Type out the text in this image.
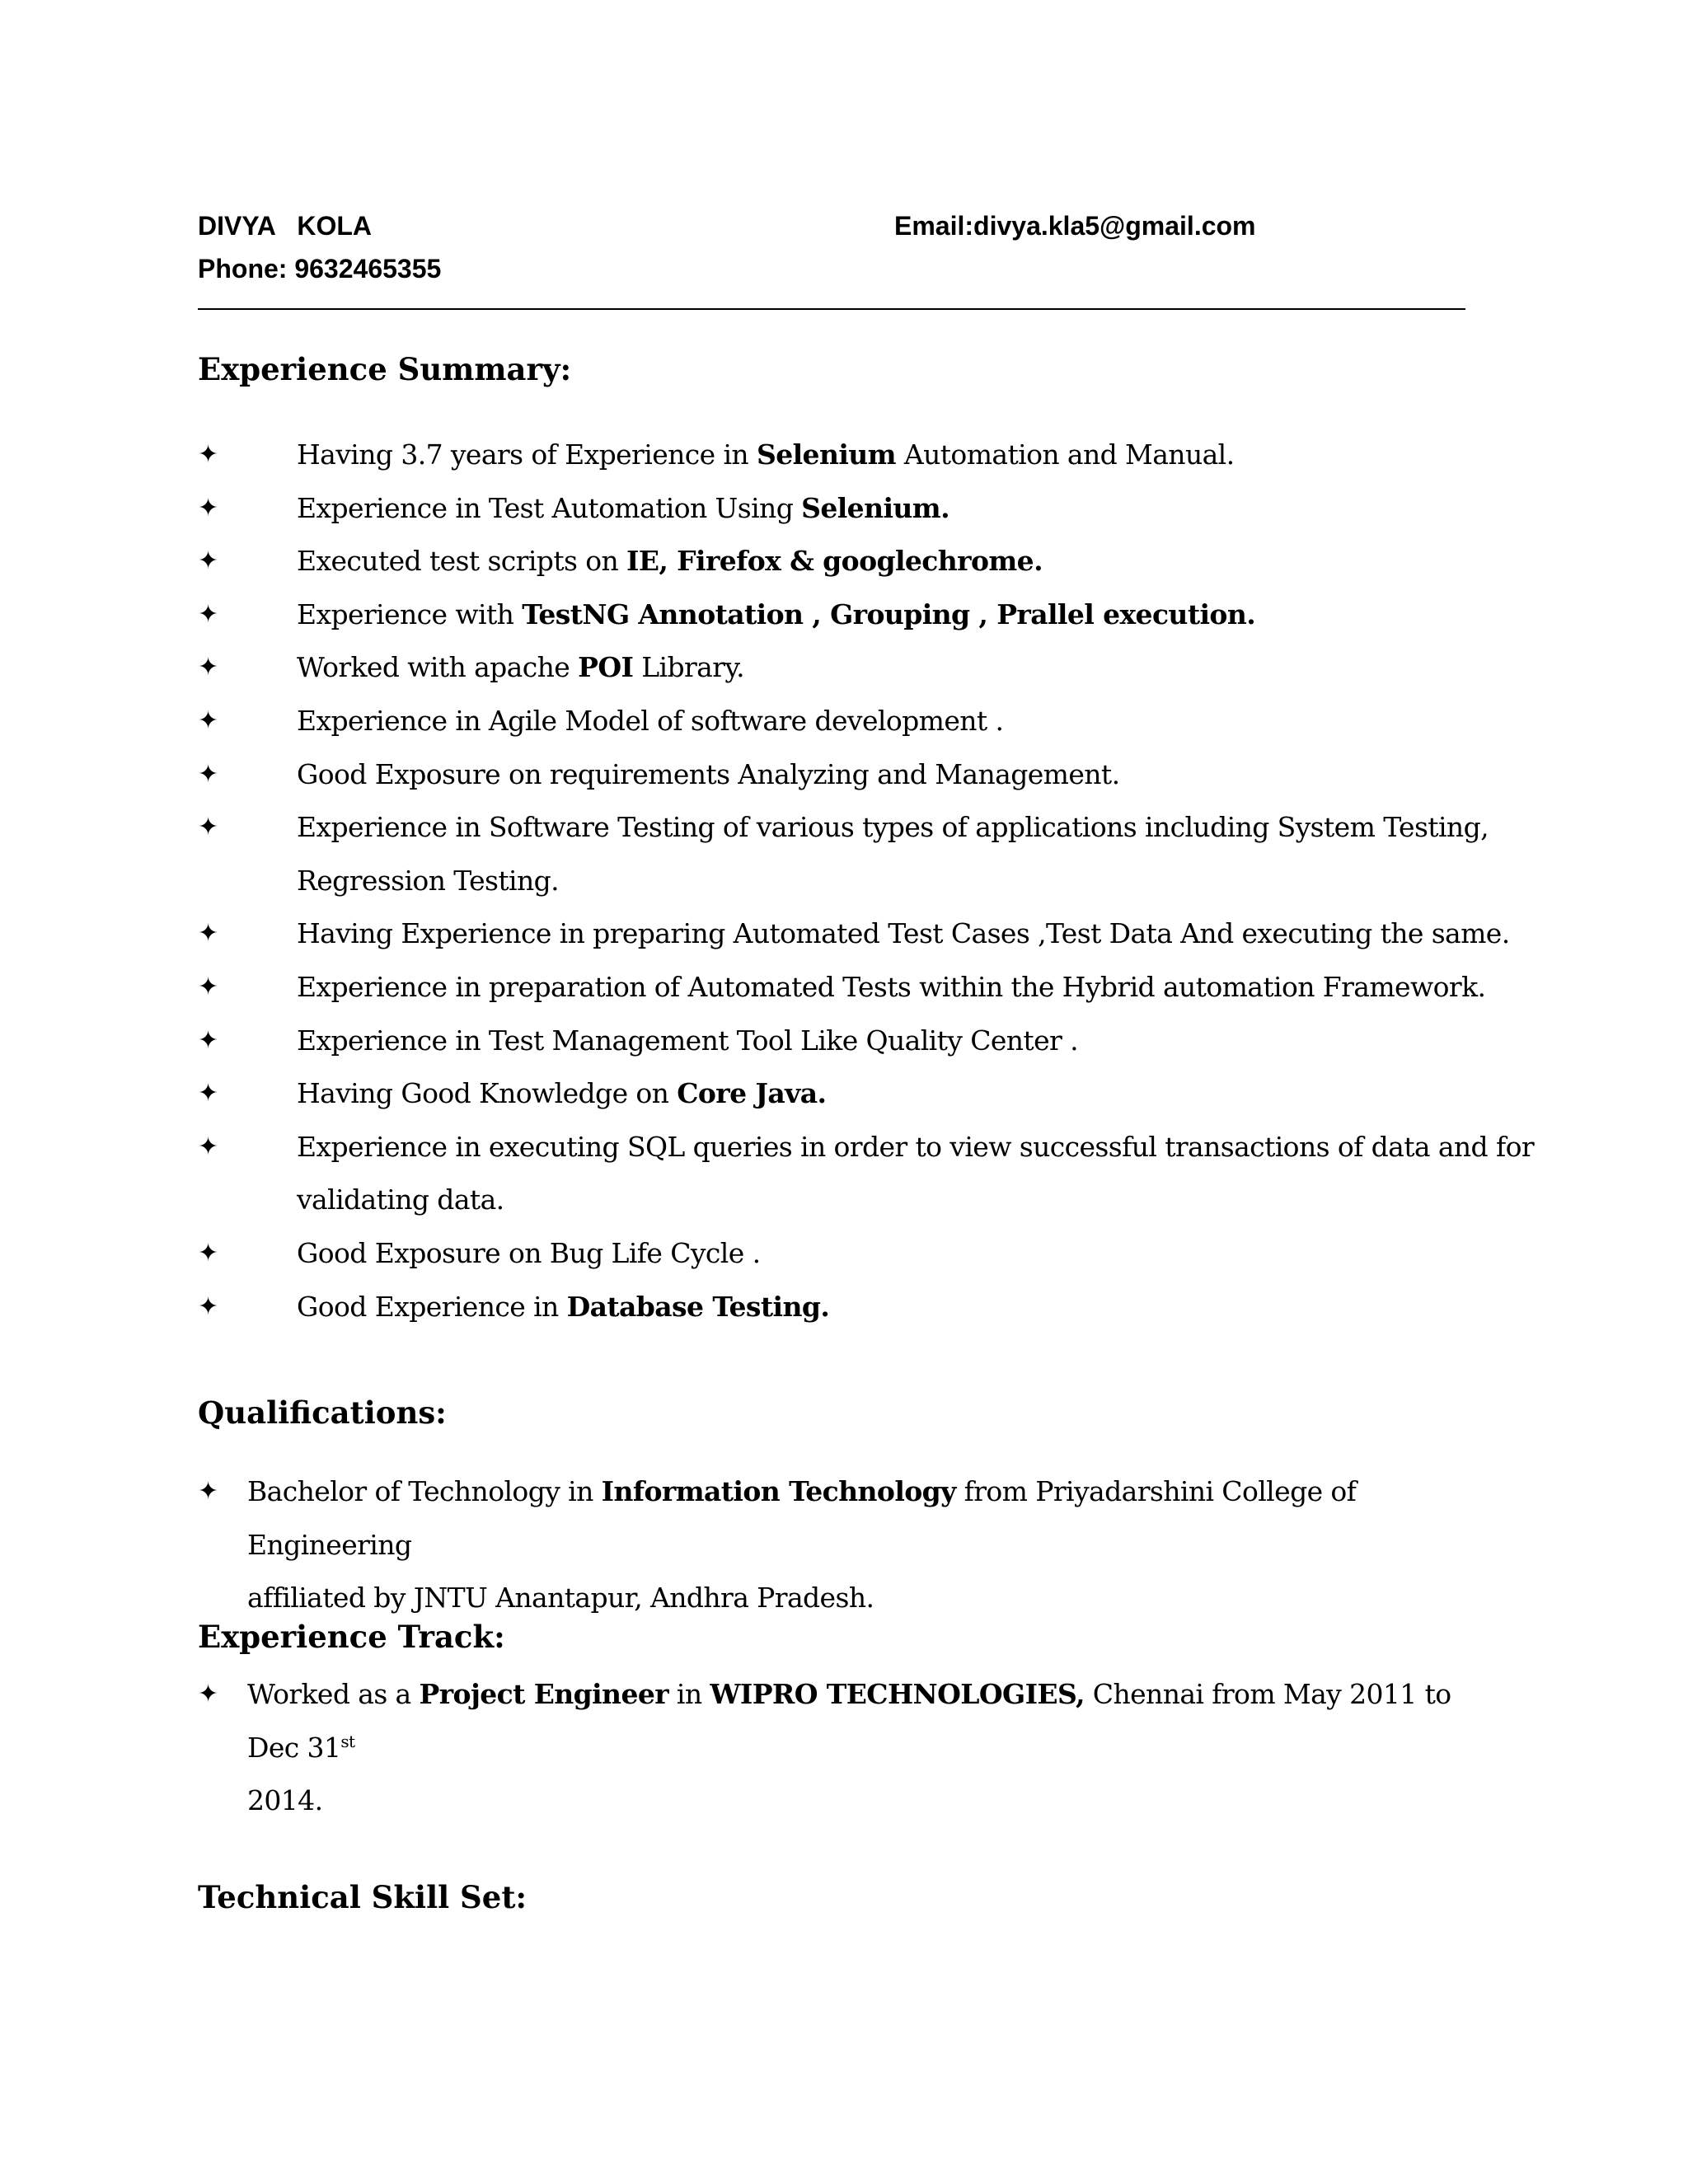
DIVYA   KOLA	Email:divya.kla5@gmail.com
Phone: 9632465355
Experience Summary:
✦	Having 3.7 years of Experience in Selenium Automation and Manual.
✦	Experience in Test Automation Using Selenium.
✦	Executed test scripts on IE, Firefox & googlechrome.
✦	Experience with TestNG Annotation , Grouping , Prallel execution.
✦	Worked with apache POI Library.
✦	Experience in Agile Model of software development .
✦	Good Exposure on requirements Analyzing and Management.
✦	Experience in Software Testing of various types of applications including System Testing,
Regression Testing.
✦	Having Experience in preparing Automated Test Cases ,Test Data And executing the same.
✦	Experience in preparation of Automated Tests within the Hybrid automation Framework.
✦	Experience in Test Management Tool Like Quality Center .
✦	Having Good Knowledge on Core Java.
✦	Experience in executing SQL queries in order to view successful transactions of data and for
validating data.
✦	Good Exposure on Bug Life Cycle .
✦	Good Experience in Database Testing.
Qualifications:
✦ Bachelor of Technology in Information Technology from Priyadarshini College of Engineering
affiliated by JNTU Anantapur, Andhra Pradesh.
Experience Track:
✦ Worked as a Project Engineer in WIPRO TECHNOLOGIES, Chennai from May 2011 to Dec 31st
2014.
Technical Skill Set:
